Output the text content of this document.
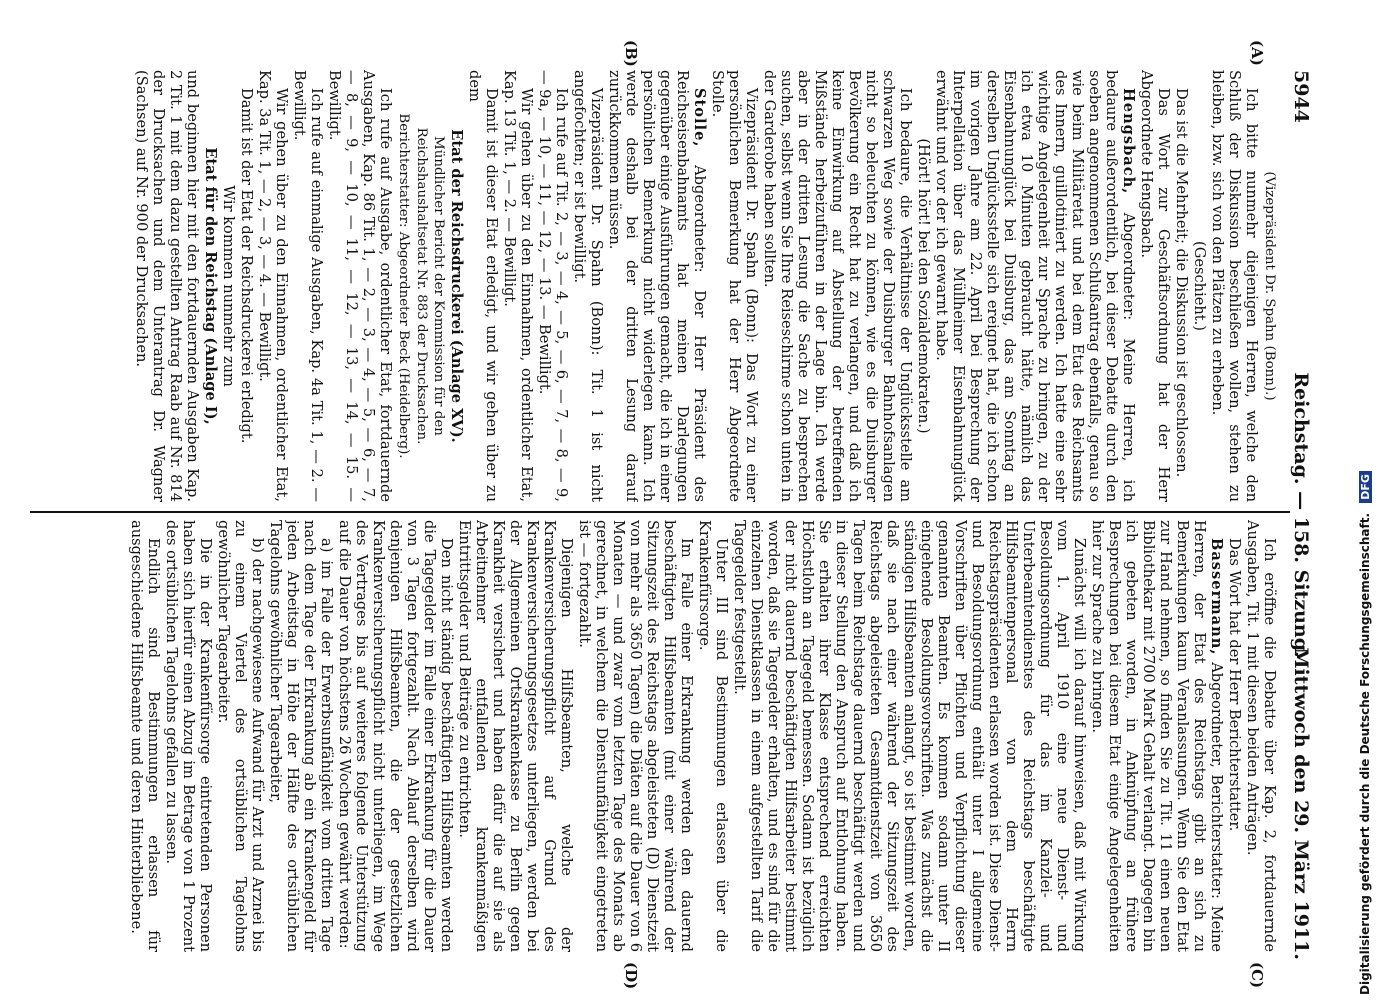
5944
Reichstag. — 158. Sitzung.
Mittwoch den 29. März 1911.
(A)
(B)
(C)
(D)

(Vizepräsident Dr. Spahn (Bonn).)

Ich bitte nunmehr diejenigen Herren, welche den Schluß der Diskussion beschließen wollen, stehen zu bleiben, bzw. sich von den Plätzen zu erheben.

(Geschieht.)

Das ist die Mehrheit; die Diskussion ist geschlossen.

Das Wort zur Geschäftsordnung hat der Herr Abgeordnete Hengsbach.

Hengsbach, Abgeordneter: Meine Herren, ich bedaure außerordentlich, bei dieser Debatte durch den soeben angenommenen Schlußantrag ebenfalls, genau so wie beim Militäretat und bei dem Etat des Reichsamts des Innern, guillotiniert zu werden. Ich hatte eine sehr wichtige Angelegenheit zur Sprache zu bringen, zu der ich etwa 10 Minuten gebraucht hätte, nämlich das Eisenbahnunglück bei Duisburg, das am Sonntag an derselben Unglücksstelle sich ereignet hat, die ich schon im vorigen Jahre am 22. April bei Besprechung der Interpellation über das Müllheimer Eisenbahnunglück erwähnt und vor der ich gewarnt habe.

(Hört! hört! bei den Sozialdemokraten.)

Ich bedaure, die Verhältnisse der Unglücksstelle am schwarzen Weg sowie der Duisburger Bahnhofsanlagen nicht so beleuchten zu können, wie es die Duisburger Bevölkerung ein Recht hat zu verlangen, und daß ich keine Einwirkung auf Abstellung der betreffenden Mißstände herbeizuführen in der Lage bin. Ich werde aber in der dritten Lesung die Sache zu besprechen suchen, selbst wenn Sie Ihre Reiseschirme schon unten in der Garderobe haben sollten.

Vizepräsident Dr. Spahn (Bonn): Das Wort zu einer persönlichen Bemerkung hat der Herr Abgeordnete Stolle.

Stolle, Abgeordneter: Der Herr Präsident des Reichseisenbahnamts hat meinen Darlegungen gegenüber einige Ausführungen gemacht, die ich in einer persönlichen Bemerkung nicht widerlegen kann. Ich werde deshalb bei der dritten Lesung darauf zurückkommen müssen.

Vizepräsident Dr. Spahn (Bonn): Tit. 1 ist nicht angefochten; er ist bewilligt.

Ich rufe auf Tit. 2, — 3, — 4, — 5, — 6, — 7, — 8, — 9, — 9a, — 10, — 11, — 12, — 13. — Bewilligt.

Wir gehen über zu den Einnahmen, ordentlicher Etat, Kap. 13 Tit. 1, — 2. — Bewilligt.

Damit ist dieser Etat erledigt, und wir gehen über zu dem

Etat der Reichsdruckerei (Anlage XV).

Mündlicher Bericht der Kommission für den Reichshaushaltsetat Nr. 883 der Drucksachen.

Berichterstatter: Abgeordneter Beck (Heidelberg).

Ich rufe auf Ausgabe, ordentlicher Etat, fortdauernde Ausgaben, Kap. 86 Tit. 1, — 2, — 3, — 4, — 5, — 6, — 7, — 8, — 9, — 10, — 11, — 12, — 13, — 14, — 15. — Bewilligt.

Ich rufe auf einmalige Ausgaben, Kap. 4a Tit. 1, — 2. — Bewilligt.

Wir gehen über zu den Einnahmen, ordentlicher Etat, Kap. 3a Tit. 1, — 2, — 3, — 4. — Bewilligt.

Damit ist der Etat der Reichsdruckerei erledigt.

Wir kommen nunmehr zum

Etat für den Reichstag (Anlage I),

und beginnen hier mit den fortdauernden Ausgaben Kap. 2 Tit. 1 mit dem dazu gestellten Antrag Raab auf Nr. 814 der Drucksachen und dem Unterantrag Dr. Wagner (Sachsen) auf Nr. 900 der Drucksachen.

Ich eröffne die Debatte über Kap. 2, fortdauernde Ausgaben, Tit. 1 mit diesen beiden Anträgen.

Das Wort hat der Herr Berichterstatter.

Bassermann, Abgeordneter, Berichterstatter: Meine Herren, der Etat des Reichstags gibt an sich zu Bemerkungen kaum Veranlassungen. Wenn Sie den Etat zur Hand nehmen, so finden Sie zu Tit. 11 einen neuen Bibliothekar mit 2700 Mark Gehalt verlangt. Dagegen bin ich gebeten worden, in Anknüpfung an frühere Besprechungen bei diesem Etat einige Angelegenheiten hier zur Sprache zu bringen.

Zunächst will ich darauf hinweisen, daß mit Wirkung vom 1. April 1910 eine neue Dienst- und Besoldungsordnung für das im Kanzlei- und Unterbeamtendienstes des Reichstags beschäftigte Hilfsbeamtenpersonal von dem Herrn Reichstagspräsidenten erlassen worden ist. Diese Dienst- und Besoldungsordnung enthält unter I allgemeine Vorschriften über Pflichten und Verpflichtung dieser genannten Beamten. Es kommen sodann unter II eingehende Besoldungsvorschriften. Was zunächst die ständigen Hilfsbeamten anlangt, so ist bestimmt worden, daß sie nach einer während der Sitzungszeit des Reichstags abgeleisteten Gesamtdienstzeit von 3650 Tagen beim Reichstage dauernd beschäftigt werden und in dieser Stellung den Anspruch auf Entlohnung haben. Sie erhalten ihrer Klasse entsprechend erreichten Höchstlohn an Tagegeld bemessen. Sodann ist bezüglich der nicht dauernd beschäftigten Hilfsarbeiter bestimmt worden, daß sie Tagegelder erhalten, und es sind für die einzelnen Dienstklassen in einem aufgestellten Tarif die Tagegelder festgestellt.

Unter III sind Bestimmungen erlassen über die Krankenfürsorge.

Im Falle einer Erkrankung werden den dauernd beschäftigten Hilfsbeamten (mit einer während der Sitzungszeit des Reichstags abgeleisteten (D) Dienstzeit von mehr als 3650 Tagen) die Diäten auf die Dauer von 6 Monaten — und zwar vom letzten Tage des Monats ab gerechnet, in welchem die Dienstunfähigkeit eingetreten ist — fortgezahlt.

Diejenigen Hilfsbeamten, welche der Krankenversicherungspflicht auf Grund des Krankenversicherungsgesetzes unterliegen, werden bei der Allgemeinen Ortskrankenkasse zu Berlin gegen Krankheit versichert und haben dafür die auf sie als Arbeitnehmer entfallenden krankenmäßigen Eintrittsgelder und Beiträge zu entrichten.

Den nicht ständig beschäftigten Hilfsbeamten werden die Tagegelder im Falle einer Erkrankung für die Dauer von 3 Tagen fortgezahlt. Nach Ablauf derselben wird denjenigen Hilfsbeamten, die der gesetzlichen Krankenversicherungspflicht nicht unterliegen, im Wege des Vertrages bis auf weiteres folgende Unterstützung auf die Dauer von höchstens 26 Wochen gewährt werden:

a) im Falle der Erwerbsunfähigkeit vom dritten Tage nach dem Tage der Erkrankung ab ein Krankengeld für jeden Arbeitstag in Höhe der Hälfte des ortsüblichen Tagelohns gewöhnlicher Tagearbeiter,

b) der nachgewiesene Aufwand für Arzt und Arznei bis zu einem Viertel des ortsüblichen Tagelohns gewöhnlicher Tagearbeiter.

Die in der Krankenfürsorge eintretenden Personen haben sich hierfür einen Abzug im Betrage von 1 Prozent des ortsüblichen Tagelohns gefallen zu lassen.

Endlich sind Bestimmungen erlassen für ausgeschiedene Hilfsbeamte und deren Hinterbliebene.	Digitalisierung gefördert durch die Deutsche Forschungsgemeinschaft. DFG
